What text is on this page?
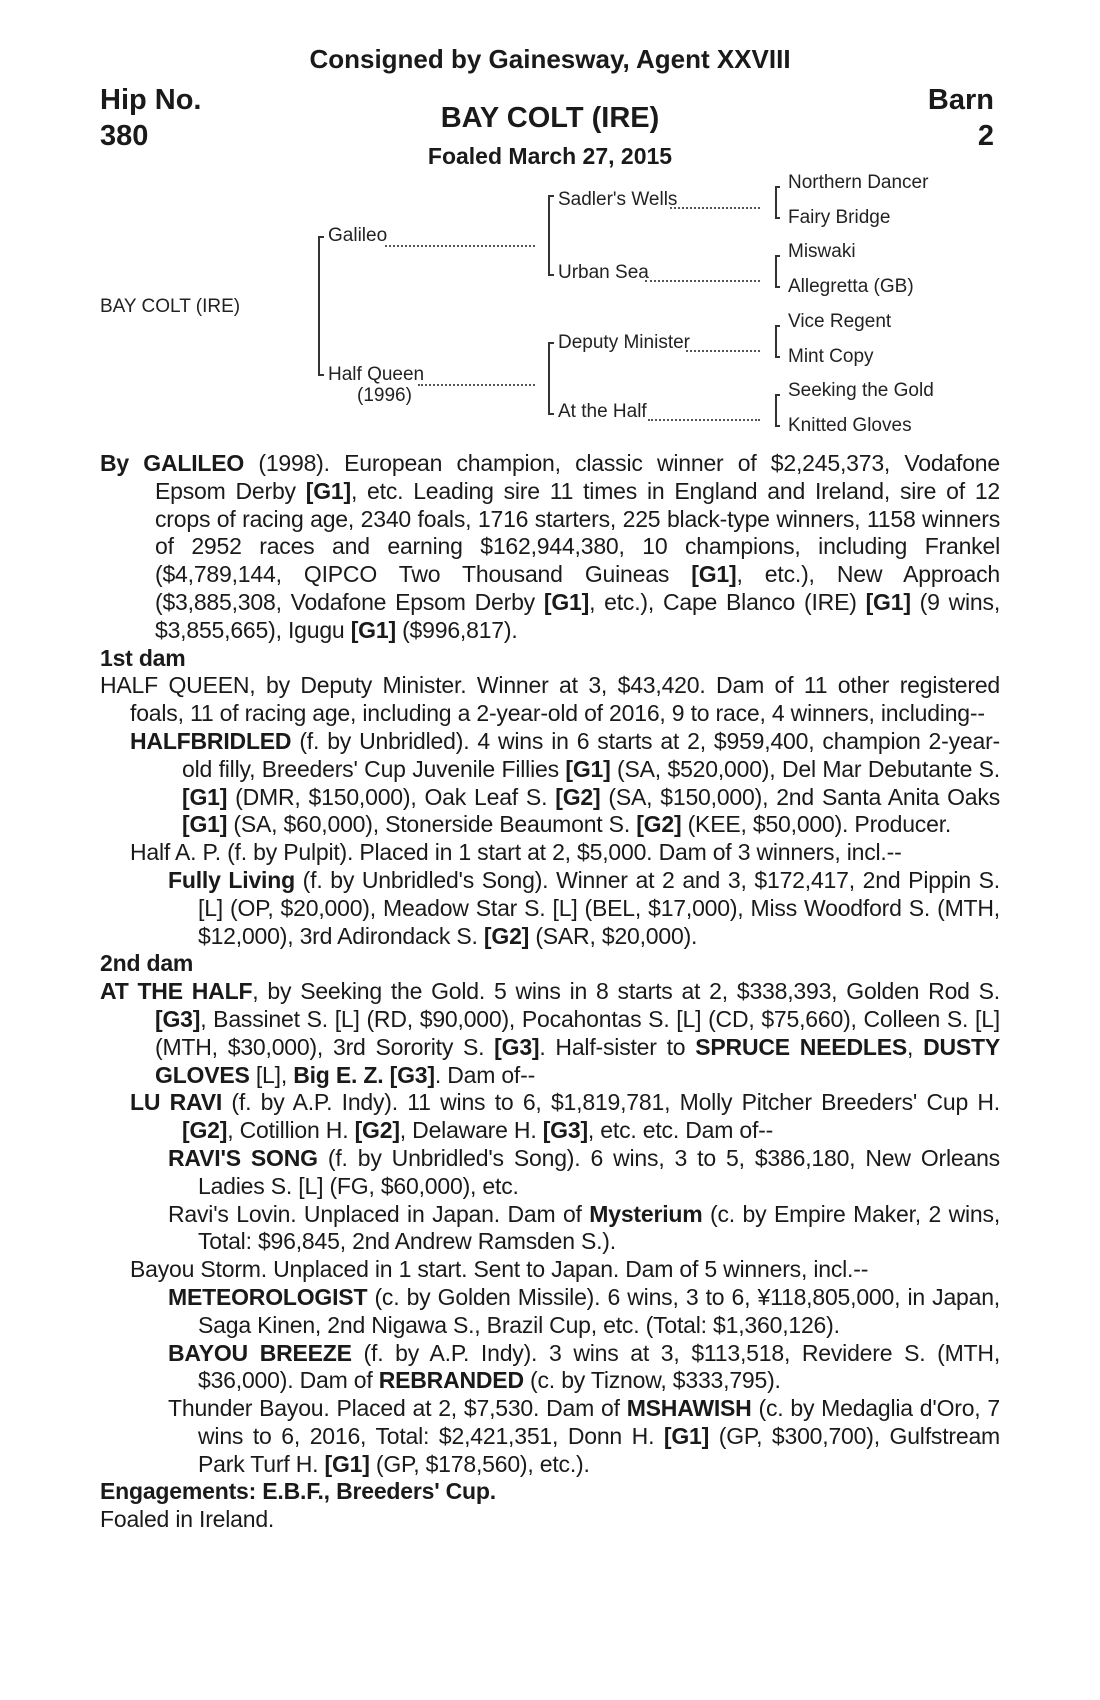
Consigned by Gainesway, Agent XXVIII
Hip No.
380
Barn
2
BAY COLT (IRE)
Foaled March 27, 2015
BAY COLT (IRE)
Galileo
Half Queen
(1996)
Sadler's Wells
Urban Sea
Deputy Minister
At the Half
Northern Dancer
Fairy Bridge
Miswaki
Allegretta (GB)
Vice Regent
Mint Copy
Seeking the Gold
Knitted Gloves

By GALILEO (1998). European champion, classic winner of $2,245,373, Vodafone Epsom Derby [G1], etc. Leading sire 11 times in England and Ireland, sire of 12 crops of racing age, 2340 foals, 1716 starters, 225 black-type winners, 1158 winners of 2952 races and earning $162,944,380, 10 champions, including Frankel ($4,789,144, QIPCO Two Thousand Guineas [G1], etc.), New Approach ($3,885,308, Vodafone Epsom Derby [G1], etc.), Cape Blanco (IRE) [G1] (9 wins, $3,855,665), Igugu [G1] ($996,817).

1st dam

HALF QUEEN, by Deputy Minister. Winner at 3, $43,420. Dam of 11 other registered foals, 11 of racing age, including a 2-year-old of 2016, 9 to race, 4 winners, including--

HALFBRIDLED (f. by Unbridled). 4 wins in 6 starts at 2, $959,400, champion 2-year-old filly, Breeders' Cup Juvenile Fillies [G1] (SA, $520,000), Del Mar Debutante S. [G1] (DMR, $150,000), Oak Leaf S. [G2] (SA, $150,000), 2nd Santa Anita Oaks [G1] (SA, $60,000), Stonerside Beaumont S. [G2] (KEE, $50,000). Producer.

Half A. P. (f. by Pulpit). Placed in 1 start at 2, $5,000. Dam of 3 winners, incl.--

Fully Living (f. by Unbridled's Song). Winner at 2 and 3, $172,417, 2nd Pippin S. [L] (OP, $20,000), Meadow Star S. [L] (BEL, $17,000), Miss Woodford S. (MTH, $12,000), 3rd Adirondack S. [G2] (SAR, $20,000).

2nd dam

AT THE HALF, by Seeking the Gold. 5 wins in 8 starts at 2, $338,393, Golden Rod S. [G3], Bassinet S. [L] (RD, $90,000), Pocahontas S. [L] (CD, $75,660), Colleen S. [L] (MTH, $30,000), 3rd Sorority S. [G3]. Half-sister to SPRUCE NEEDLES, DUSTY GLOVES [L], Big E. Z. [G3]. Dam of--

LU RAVI (f. by A.P. Indy). 11 wins to 6, $1,819,781, Molly Pitcher Breeders' Cup H. [G2], Cotillion H. [G2], Delaware H. [G3], etc. etc. Dam of--

RAVI'S SONG (f. by Unbridled's Song). 6 wins, 3 to 5, $386,180, New Orleans Ladies S. [L] (FG, $60,000), etc.

Ravi's Lovin. Unplaced in Japan. Dam of Mysterium (c. by Empire Maker, 2 wins, Total: $96,845, 2nd Andrew Ramsden S.).

Bayou Storm. Unplaced in 1 start. Sent to Japan. Dam of 5 winners, incl.--

METEOROLOGIST (c. by Golden Missile). 6 wins, 3 to 6, ¥118,805,000, in Japan, Saga Kinen, 2nd Nigawa S., Brazil Cup, etc. (Total: $1,360,126).

BAYOU BREEZE (f. by A.P. Indy). 3 wins at 3, $113,518, Revidere S. (MTH, $36,000). Dam of REBRANDED (c. by Tiznow, $333,795).

Thunder Bayou. Placed at 2, $7,530. Dam of MSHAWISH (c. by Medaglia d'Oro, 7 wins to 6, 2016, Total: $2,421,351, Donn H. [G1] (GP, $300,700), Gulfstream Park Turf H. [G1] (GP, $178,560), etc.).

Engagements: E.B.F., Breeders' Cup.

Foaled in Ireland.
